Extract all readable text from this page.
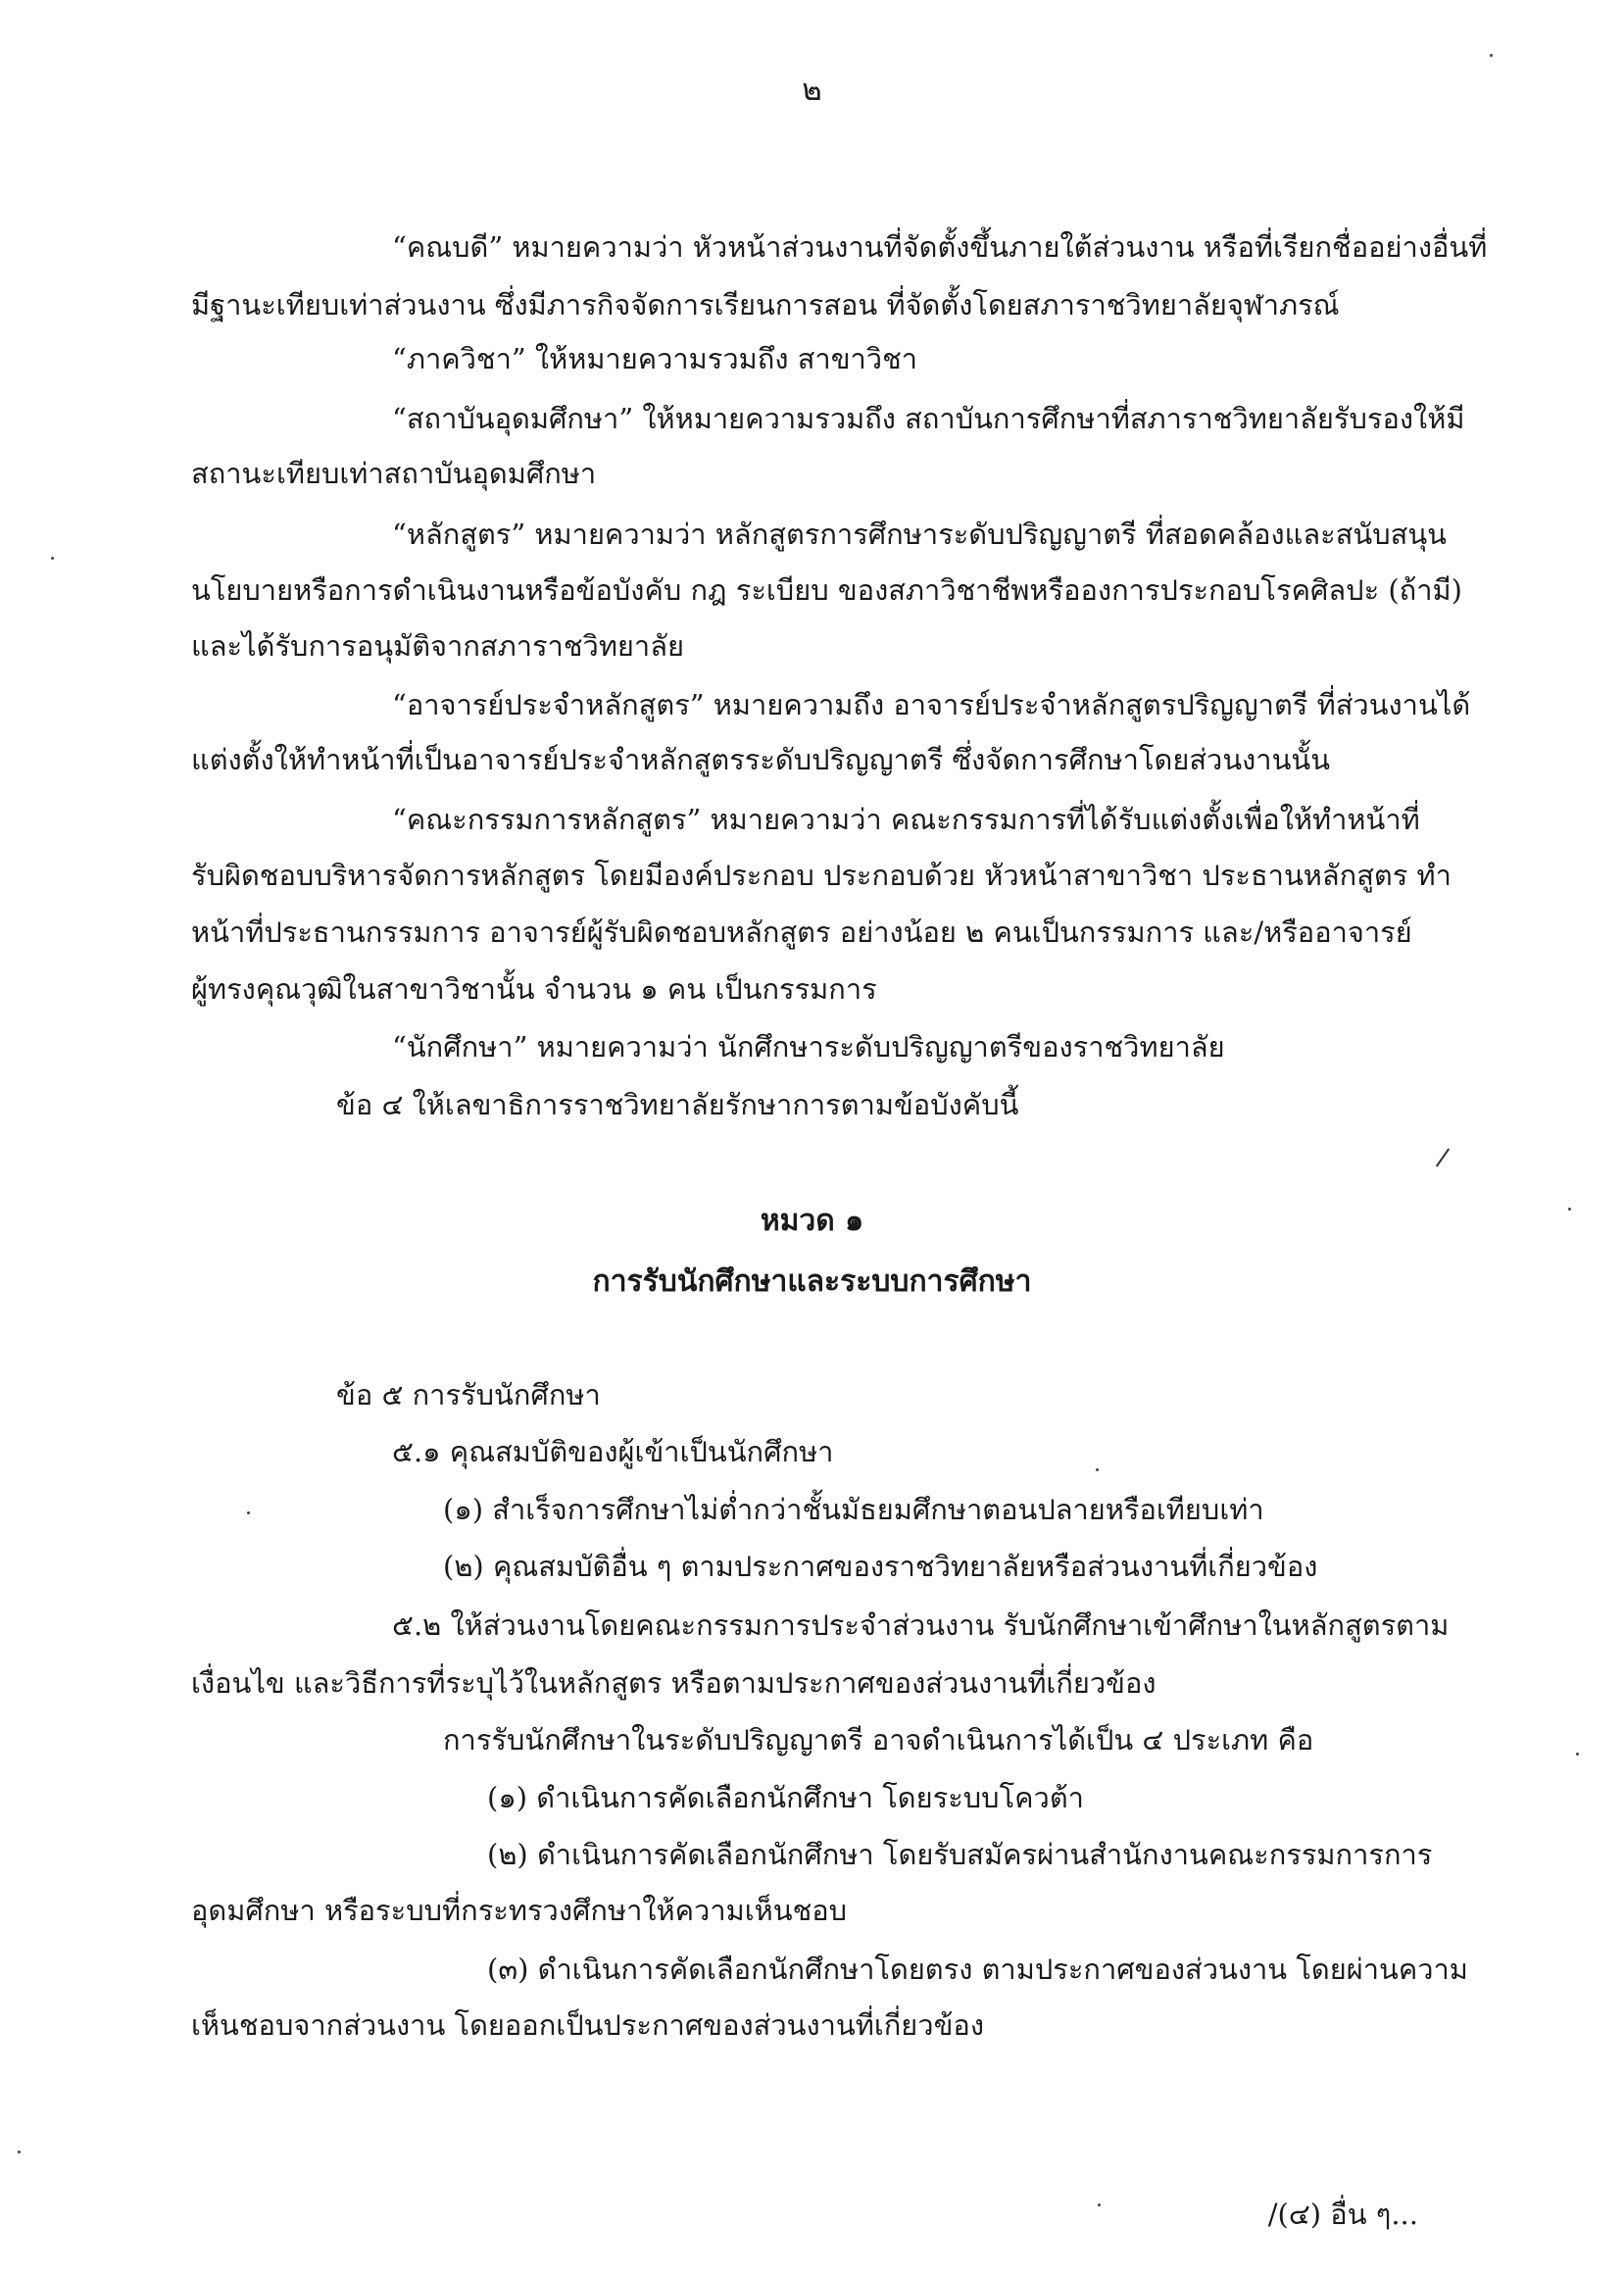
๒
“คณบดี” หมายความว่า หัวหน้าส่วนงานที่จัดตั้งขึ้นภายใต้ส่วนงาน หรือที่เรียกชื่ออย่างอื่นที่
มีฐานะเทียบเท่าส่วนงาน ซึ่งมีภารกิจจัดการเรียนการสอน ที่จัดตั้งโดยสภาราชวิทยาลัยจุฬาภรณ์
“ภาควิชา” ให้หมายความรวมถึง สาขาวิชา
“สถาบันอุดมศึกษา” ให้หมายความรวมถึง สถาบันการศึกษาที่สภาราชวิทยาลัยรับรองให้มี
สถานะเทียบเท่าสถาบันอุดมศึกษา
“หลักสูตร” หมายความว่า หลักสูตรการศึกษาระดับปริญญาตรี ที่สอดคล้องและสนับสนุน
นโยบายหรือการดำเนินงานหรือข้อบังคับ กฎ ระเบียบ ของสภาวิชาชีพหรือองการประกอบโรคศิลปะ (ถ้ามี)
และได้รับการอนุมัติจากสภาราชวิทยาลัย
“อาจารย์ประจำหลักสูตร” หมายความถึง อาจารย์ประจำหลักสูตรปริญญาตรี ที่ส่วนงานได้
แต่งตั้งให้ทำหน้าที่เป็นอาจารย์ประจำหลักสูตรระดับปริญญาตรี ซึ่งจัดการศึกษาโดยส่วนงานนั้น
“คณะกรรมการหลักสูตร” หมายความว่า คณะกรรมการที่ได้รับแต่งตั้งเพื่อให้ทำหน้าที่
รับผิดชอบบริหารจัดการหลักสูตร โดยมีองค์ประกอบ ประกอบด้วย หัวหน้าสาขาวิชา ประธานหลักสูตร ทำ
หน้าที่ประธานกรรมการ อาจารย์ผู้รับผิดชอบหลักสูตร อย่างน้อย ๒ คนเป็นกรรมการ และ/หรืออาจารย์
ผู้ทรงคุณวุฒิในสาขาวิชานั้น จำนวน ๑ คน เป็นกรรมการ
“นักศึกษา” หมายความว่า นักศึกษาระดับปริญญาตรีของราชวิทยาลัย
ข้อ ๔ ให้เลขาธิการราชวิทยาลัยรักษาการตามข้อบังคับนี้
หมวด ๑
การรับนักศึกษาและระบบการศึกษา
ข้อ ๕ การรับนักศึกษา
๕.๑ คุณสมบัติของผู้เข้าเป็นนักศึกษา
(๑) สำเร็จการศึกษาไม่ต่ำกว่าชั้นมัธยมศึกษาตอนปลายหรือเทียบเท่า
(๒) คุณสมบัติอื่น ๆ ตามประกาศของราชวิทยาลัยหรือส่วนงานที่เกี่ยวข้อง
๕.๒ ให้ส่วนงานโดยคณะกรรมการประจำส่วนงาน รับนักศึกษาเข้าศึกษาในหลักสูตรตาม
เงื่อนไข และวิธีการที่ระบุไว้ในหลักสูตร หรือตามประกาศของส่วนงานที่เกี่ยวข้อง
การรับนักศึกษาในระดับปริญญาตรี อาจดำเนินการได้เป็น ๔ ประเภท คือ
(๑) ดำเนินการคัดเลือกนักศึกษา โดยระบบโควต้า
(๒) ดำเนินการคัดเลือกนักศึกษา โดยรับสมัครผ่านสำนักงานคณะกรรมการการ
อุดมศึกษา หรือระบบที่กระทรวงศึกษาให้ความเห็นชอบ
(๓) ดำเนินการคัดเลือกนักศึกษาโดยตรง ตามประกาศของส่วนงาน โดยผ่านความ
เห็นชอบจากส่วนงาน โดยออกเป็นประกาศของส่วนงานที่เกี่ยวข้อง
/(๔) อื่น ๆ...
